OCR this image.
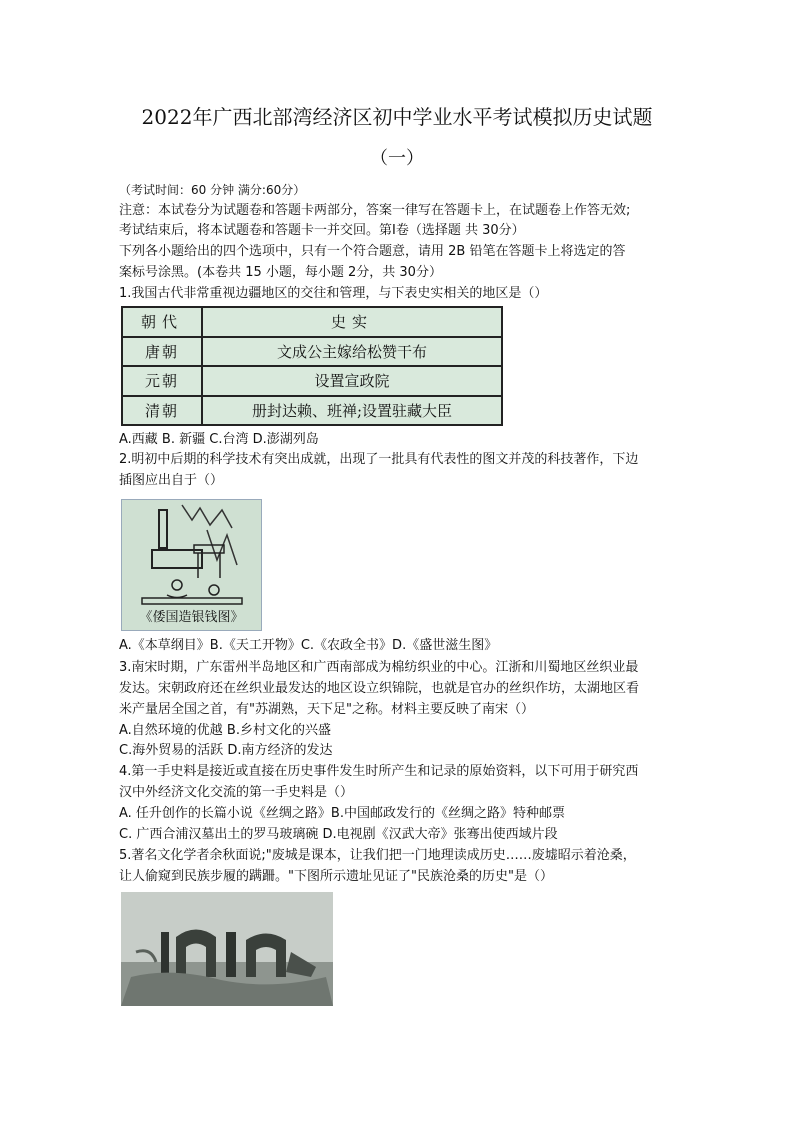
2022年广西北部湾经济区初中学业水平考试模拟历史试题
（一）
（考试时间：60 分钟 满分:60分）
注意：本试卷分为试题卷和答题卡两部分，答案一律写在答题卡上，在试题卷上作答无效;
考试结束后，将本试题卷和答题卡一并交回。第Ⅰ卷（选择题 共 30分）
下列各小题给出的四个选项中，只有一个符合题意，请用 2B 铅笔在答题卡上将选定的答
案标号涂黑。(本卷共 15 小题，每小题 2分，共 30分）
1.我国古代非常重视边疆地区的交往和管理，与下表史实相关的地区是（）
朝代	史实
唐朝	文成公主嫁给松赞干布
元朝	设置宣政院
清朝	册封达赖、班禅;设置驻藏大臣
A.西藏 B. 新疆 C.台湾 D.澎湖列岛
2.明初中后期的科学技术有突出成就，出现了一批具有代表性的图文并茂的科技著作，下边
插图应出自于（）
《倭国造银钱图》
A.《本草纲目》B.《天工开物》C.《农政全书》D.《盛世滋生图》
3.南宋时期，广东雷州半岛地区和广西南部成为棉纺织业的中心。江浙和川蜀地区丝织业最
发达。宋朝政府还在丝织业最发达的地区设立织锦院，也就是官办的丝织作坊，太湖地区看
米产量居全国之首，有"苏湖熟，天下足"之称。材料主要反映了南宋（）
A.自然环境的优越 B.乡村文化的兴盛
C.海外贸易的活跃 D.南方经济的发达
4.第一手史料是接近或直接在历史事件发生时所产生和记录的原始资料，以下可用于研究西
汉中外经济文化交流的第一手史料是（）
A. 任升创作的长篇小说《丝绸之路》B.中国邮政发行的《丝绸之路》特种邮票
C. 广西合浦汉墓出土的罗马玻璃碗 D.电视剧《汉武大帝》张骞出使西域片段
5.著名文化学者余秋面说;"废城是课本，让我们把一门地理读成历史……废墟昭示着沧桑，
让人偷窥到民族步履的蹒跚。"下图所示遗址见证了"民族沧桑的历史"是（）
